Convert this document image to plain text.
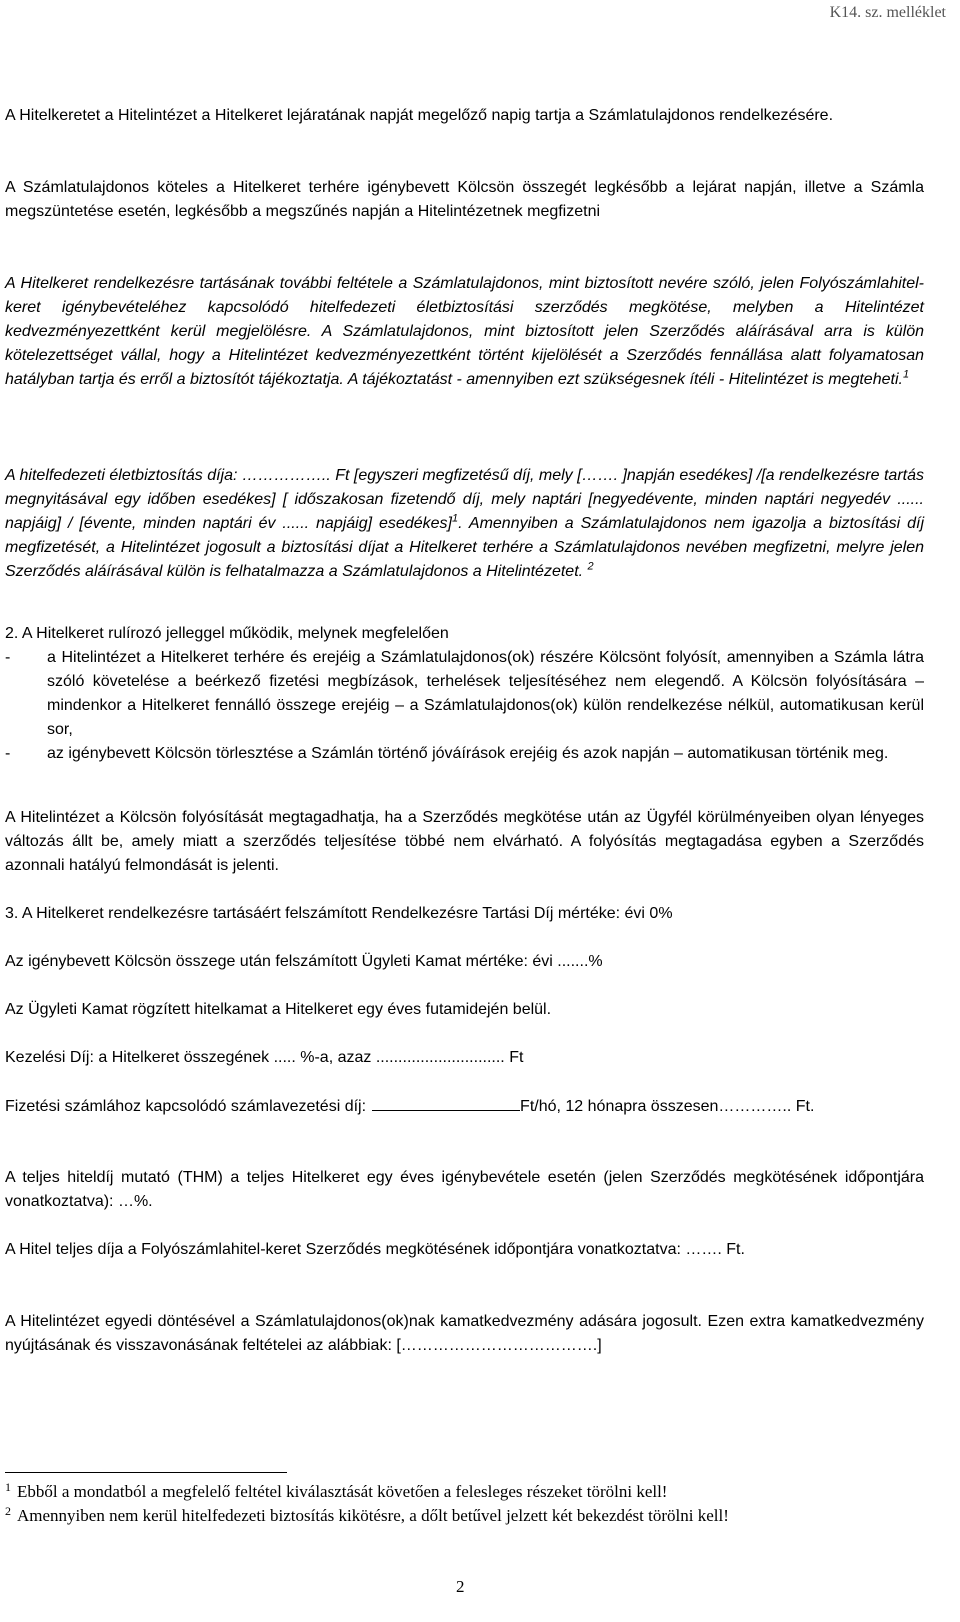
K14. sz. melléklet

A Hitelkeretet a Hitelintézet a Hitelkeret lejáratának napját megelőző napig tartja a Számlatulajdonos rendelkezésére.

A Számlatulajdonos köteles a Hitelkeret terhére igénybevett Kölcsön összegét legkésőbb a lejárat napján, illetve a Számla megszüntetése esetén, legkésőbb a megszűnés napján a Hitelintézetnek megfizetni

A Hitelkeret rendelkezésre tartásának további feltétele a Számlatulajdonos, mint biztosított nevére szóló, jelen Folyószámlahitel-keret igénybevételéhez kapcsolódó hitelfedezeti életbiztosítási szerződés megkötése, melyben a Hitelintézet kedvezményezettként kerül megjelölésre. A Számlatulajdonos, mint biztosított jelen Szerződés aláírásával arra is külön kötelezettséget vállal, hogy a Hitelintézet kedvezményezettként történt kijelölését a Szerződés fennállása alatt folyamatosan hatályban tartja és erről a biztosítót tájékoztatja. A tájékoztatást - amennyiben ezt szükségesnek ítéli - Hitelintézet is megteheti.$^1$

A hitelfedezeti életbiztosítás díja: …………….. Ft [egyszeri megfizetésű díj, mely [……. ]napján esedékes] /[a rendelkezésre tartás megnyitásával egy időben esedékes] [ időszakosan fizetendő díj, mely naptári [negyedévente, minden naptári negyedév ...... napjáig] / [évente, minden naptári év ...... napjáig] esedékes]$^1$. Amennyiben a Számlatulajdonos nem igazolja a biztosítási díj megfizetését, a Hitelintézet jogosult a biztosítási díjat a Hitelkeret terhére a Számlatulajdonos nevében megfizetni, melyre jelen Szerződés aláírásával külön is felhatalmazza a Számlatulajdonos a Hitelintézetet. $^2$

2. A Hitelkeret rulírozó jelleggel működik, melynek megfelelően

- a Hitelintézet a Hitelkeret terhére és erejéig a Számlatulajdonos(ok) részére Kölcsönt folyósít, amennyiben a Számla látra szóló követelése a beérkező fizetési megbízások, terhelések teljesítéséhez nem elegendő. A Kölcsön folyósítására – mindenkor a Hitelkeret fennálló összege erejéig – a Számlatulajdonos(ok) külön rendelkezése nélkül, automatikusan kerül sor,
- az igénybevett Kölcsön törlesztése a Számlán történő jóváírások erejéig és azok napján – automatikusan történik meg.

A Hitelintézet a Kölcsön folyósítását megtagadhatja, ha a Szerződés megkötése után az Ügyfél körülményeiben olyan lényeges változás állt be, amely miatt a szerződés teljesítése többé nem elvárható. A folyósítás megtagadása egyben a Szerződés azonnali hatályú felmondását is jelenti.

3. A Hitelkeret rendelkezésre tartásáért felszámított Rendelkezésre Tartási Díj mértéke: évi 0%

Az igénybevett Kölcsön összege után felszámított Ügyleti Kamat mértéke: évi .......%

Az Ügyleti Kamat rögzített hitelkamat a Hitelkeret egy éves futamidején belül.

Kezelési Díj: a Hitelkeret összegének ..... %-a, azaz ............................. Ft

Fizetési számlához kapcsolódó számlavezetési díj:	Ft/hó, 12 hónapra összesen………….. Ft.

A teljes hiteldíj mutató (THM) a teljes Hitelkeret egy éves igénybevétele esetén (jelen Szerződés megkötésének időpontjára vonatkoztatva): …%.

A Hitel teljes díja a Folyószámlahitel-keret Szerződés megkötésének időpontjára vonatkoztatva: ……. Ft.

A Hitelintézet egyedi döntésével a Számlatulajdonos(ok)nak kamatkedvezmény adására jogosult. Ezen extra kamatkedvezmény nyújtásának és visszavonásának feltételei az alábbiak: [……………………………….]

$^1$ Ebből a mondatból a megfelelő feltétel kiválasztását követően a felesleges részeket törölni kell!
$^2$ Amennyiben nem kerül hitelfedezeti biztosítás kikötésre, a dőlt betűvel jelzett két bekezdést törölni kell!
2
